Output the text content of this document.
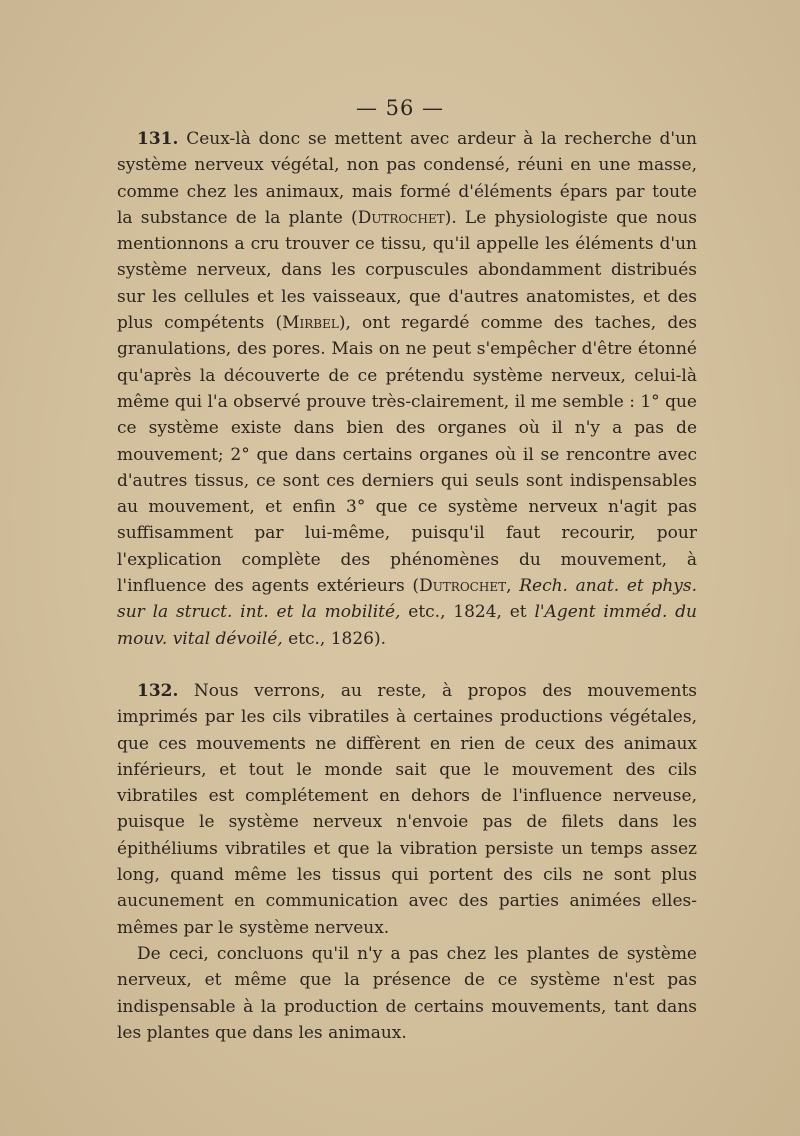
— 56 —

131. Ceux-là donc se mettent avec ardeur à la recherche d'un système nerveux végétal, non pas condensé, réuni en une masse, comme chez les animaux, mais formé d'éléments épars par toute la substance de la plante (Dutrochet). Le physiologiste que nous mentionnons a cru trouver ce tissu, qu'il appelle les éléments d'un système nerveux, dans les corpuscules abondamment distribués sur les cellules et les vaisseaux, que d'autres anatomistes, et des plus compétents (Mirbel), ont regardé comme des taches, des granulations, des pores. Mais on ne peut s'empêcher d'être étonné qu'après la découverte de ce prétendu système nerveux, celui-là même qui l'a observé prouve très-clairement, il me semble : 1° que ce système existe dans bien des organes où il n'y a pas de mouvement; 2° que dans certains organes où il se rencontre avec d'autres tissus, ce sont ces derniers qui seuls sont indispensables au mouvement, et enfin 3° que ce système nerveux n'agit pas suffisamment par lui-même, puisqu'il faut recourir, pour l'explication complète des phénomènes du mouvement, à l'influence des agents extérieurs (Dutrochet, Rech. anat. et phys. sur la struct. int. et la mobilité, etc., 1824, et l'Agent imméd. du mouv. vital dévoilé, etc., 1826).

132. Nous verrons, au reste, à propos des mouvements imprimés par les cils vibratiles à certaines productions végétales, que ces mouvements ne diffèrent en rien de ceux des animaux inférieurs, et tout le monde sait que le mouvement des cils vibratiles est complétement en dehors de l'influence nerveuse, puisque le système nerveux n'envoie pas de filets dans les épithéliums vibratiles et que la vibration persiste un temps assez long, quand même les tissus qui portent des cils ne sont plus aucunement en communication avec des parties animées elles-mêmes par le système nerveux.

De ceci, concluons qu'il n'y a pas chez les plantes de système nerveux, et même que la présence de ce système n'est pas indispensable à la production de certains mouvements, tant dans les plantes que dans les animaux.
